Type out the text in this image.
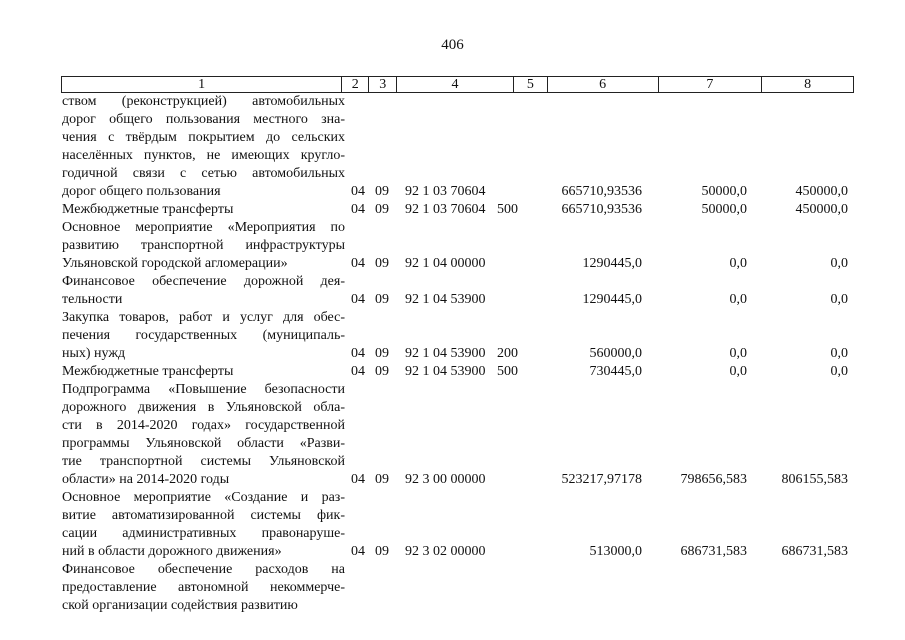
406
1	2	3	4	5	6	7	8
ством (реконструкцией) автомобильных
дорог общего пользования местного зна-
чения с твёрдым покрытием до сельских
населённых пунктов, не имеющих кругло-
годичной связи с сетью автомобильных
дорог общего пользования	04 09	92 1 03 70604	665710,93536	50000,0	450000,0
Межбюджетные трансферты	04 09	92 1 03 70604 500	665710,93536	50000,0	450000,0
Основное мероприятие «Мероприятия по
развитию транспортной инфраструктуры
Ульяновской городской агломерации»	04 09	92 1 04 00000	1290445,0	0,0	0,0
Финансовое обеспечение дорожной дея-
тельности	04 09	92 1 04 53900	1290445,0	0,0	0,0
Закупка товаров, работ и услуг для обес-
печения государственных (муниципаль-
ных) нужд	04 09	92 1 04 53900 200	560000,0	0,0	0,0
Межбюджетные трансферты	04 09	92 1 04 53900 500	730445,0	0,0	0,0
Подпрограмма «Повышение безопасности
дорожного движения в Ульяновской обла-
сти в 2014-2020 годах» государственной
программы Ульяновской области «Разви-
тие транспортной системы Ульяновской
области» на 2014-2020 годы	04 09	92 3 00 00000	523217,97178	798656,583	806155,583
Основное мероприятие «Создание и раз-
витие автоматизированной системы фик-
сации административных правонаруше-
ний в области дорожного движения»	04 09	92 3 02 00000	513000,0	686731,583	686731,583
Финансовое обеспечение расходов на
предоставление автономной некоммерче-
ской организации содействия развитию
